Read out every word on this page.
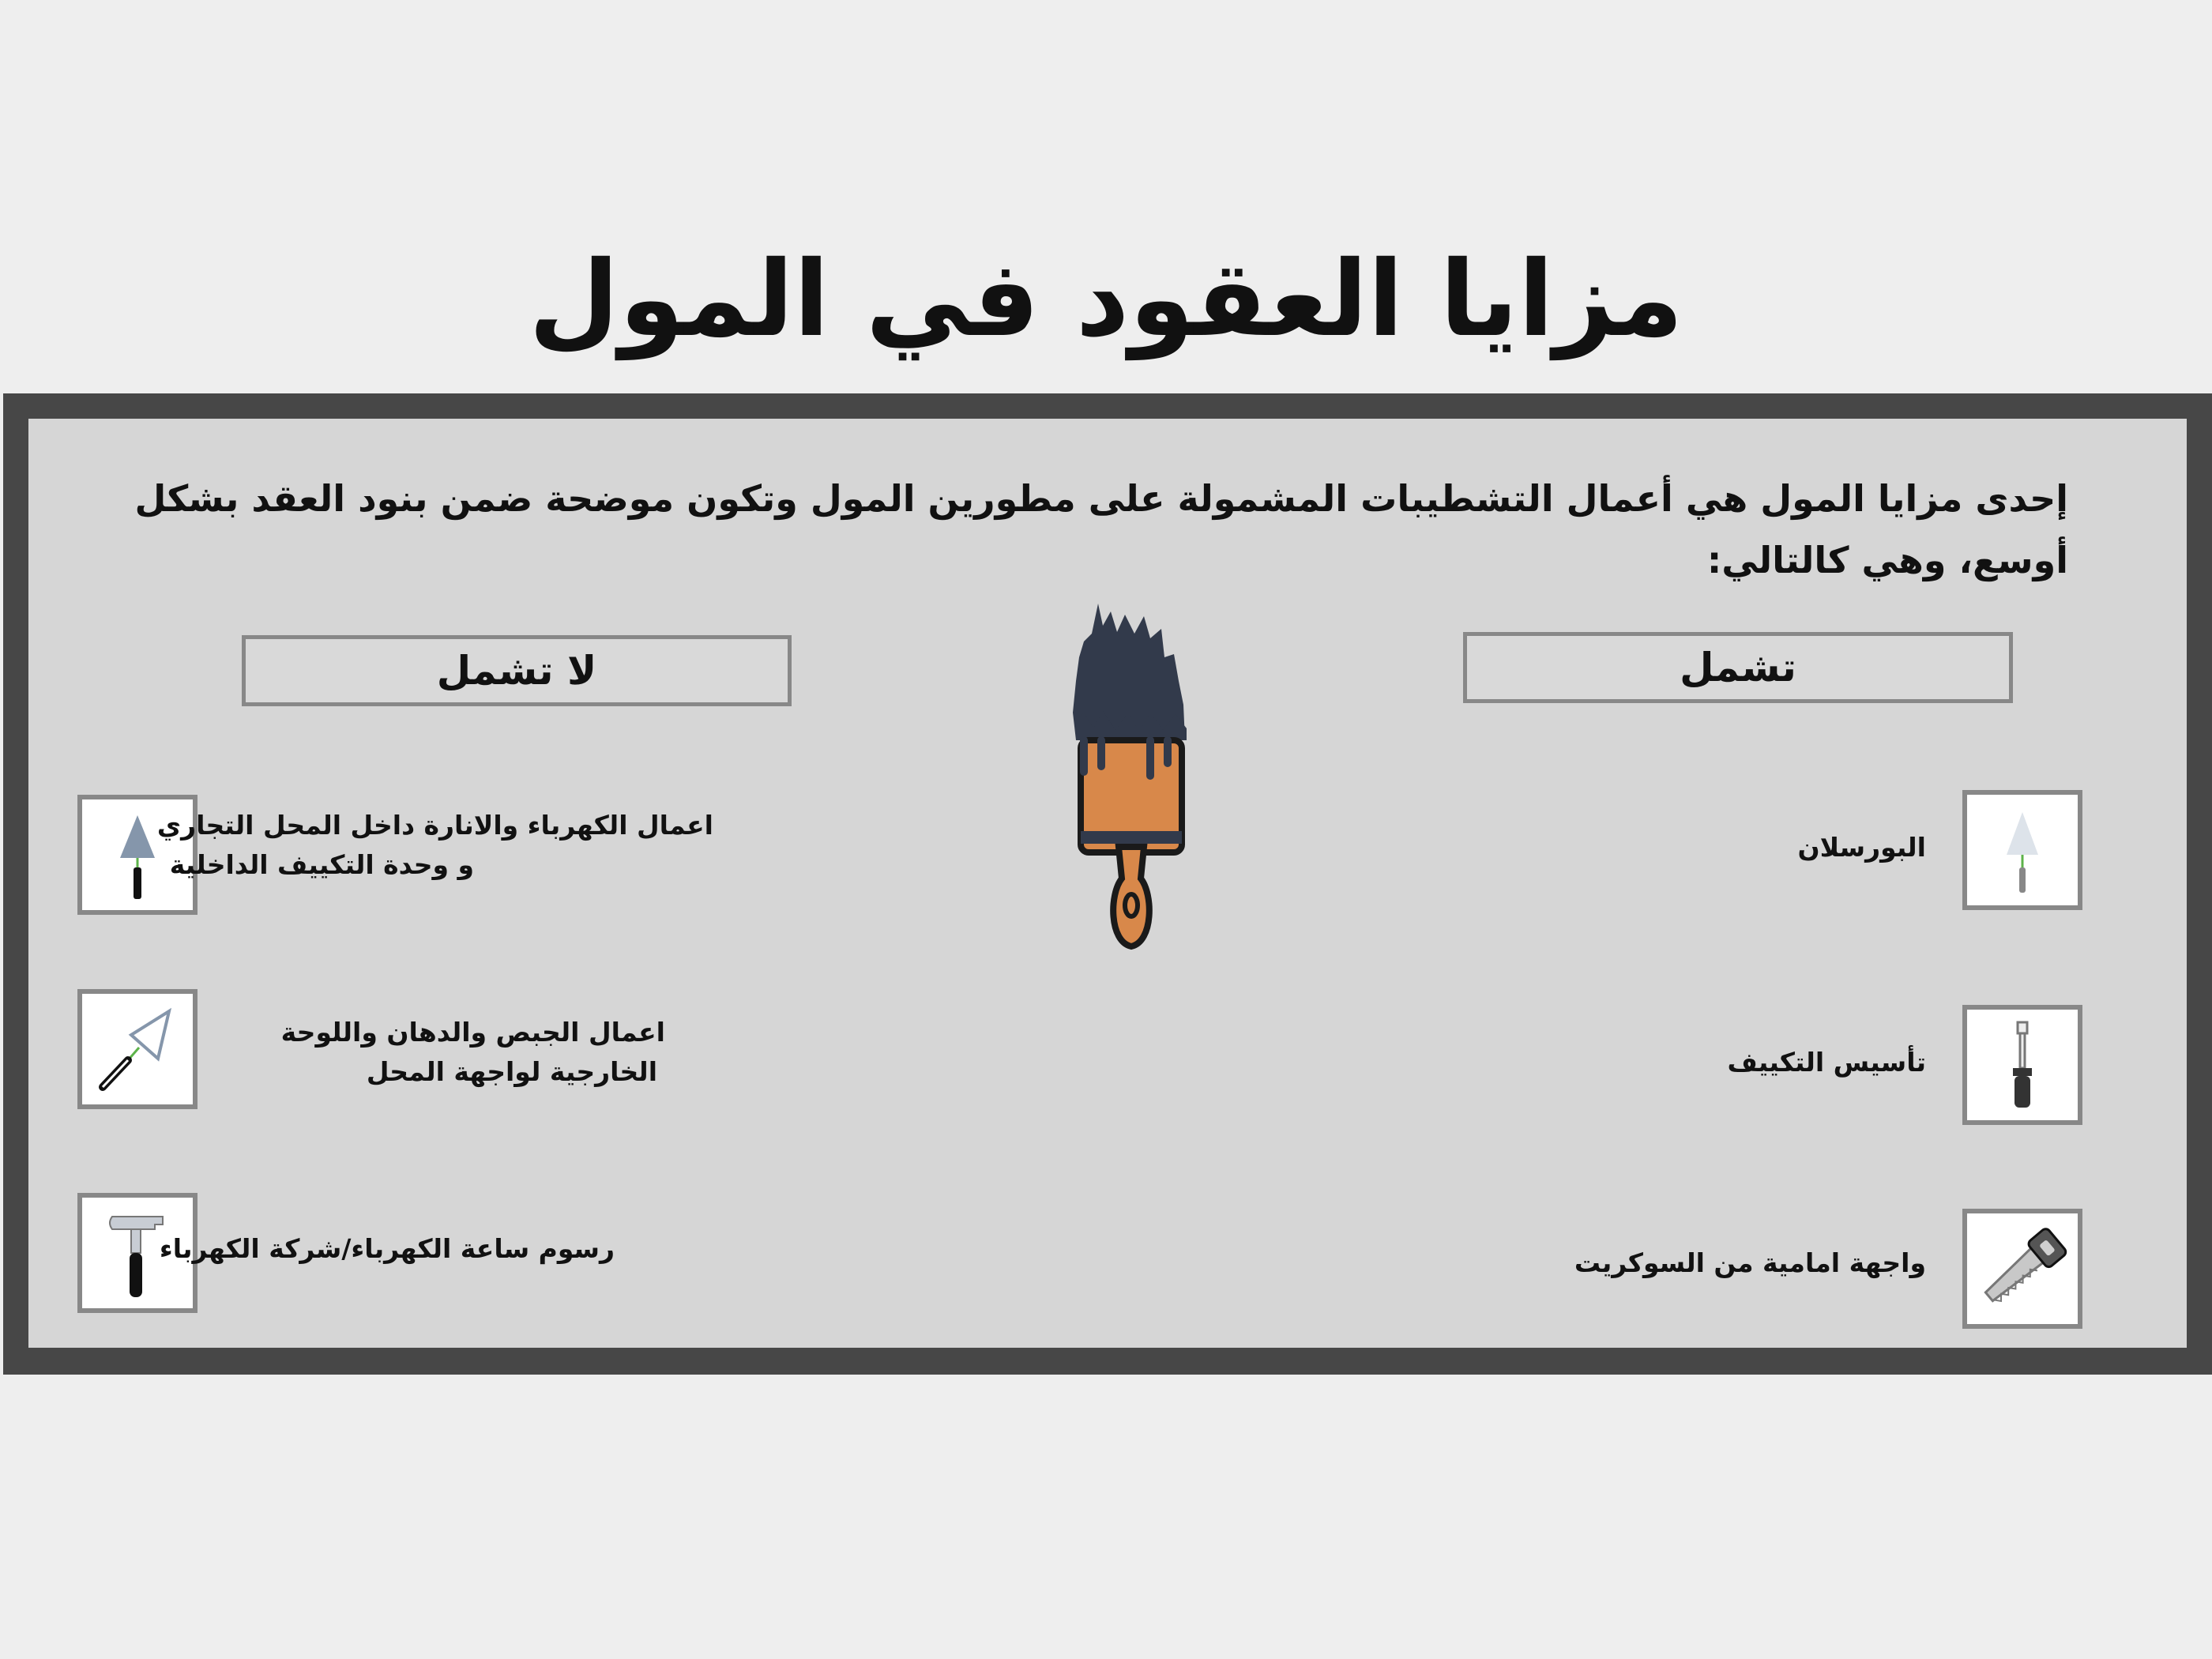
مزايا العقود في المول
إحدى مزايا المول هي أعمال التشطيبات المشمولة على مطورين المول وتكون موضحة ضمن بنود العقد بشكل أوسع، وهي كالتالي:
تشمل
لا تشمل
البورسلان
تأسيس التكييف
واجهة امامية من السوكريت
اعمال الكهرباء والانارة داخل المحل التجاري
و وحدة التكييف الداخلية
اعمال الجبص والدهان واللوحة
الخارجية لواجهة المحل
رسوم ساعة الكهرباء/شركة الكهرباء
